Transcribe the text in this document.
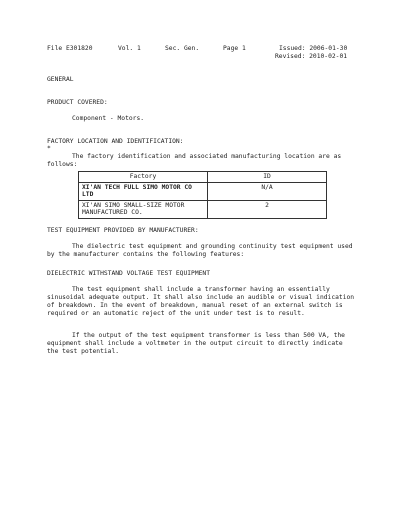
File E301820	Vol. 1	Sec. Gen.	Page 1	Issued: 2006-01-30
Revised: 2010-02-01
GENERAL
PRODUCT COVERED:
Component - Motors.
FACTORY LOCATION AND IDENTIFICATION:
*
The factory identification and associated manufacturing location are as follows:
Factory	ID
XI'AN TECH FULL SIMO MOTOR CO LTD	N/A
XI'AN SIMO SMALL-SIZE MOTOR MANUFACTURED CO.	2
TEST EQUIPMENT PROVIDED BY MANUFACTURER:
The dielectric test equipment and grounding continuity test equipment used by the manufacturer contains the following features:
DIELECTRIC WITHSTAND VOLTAGE TEST EQUIPMENT
The test equipment shall include a transformer having an essentially sinusoidal adequate output. It shall also include an audible or visual indication of breakdown. In the event of breakdown, manual reset of an external switch is required or an automatic reject of the unit under test is to result.
If the output of the test equipment transformer is less than 500 VA, the equipment shall include a voltmeter in the output circuit to directly indicate the test potential.
